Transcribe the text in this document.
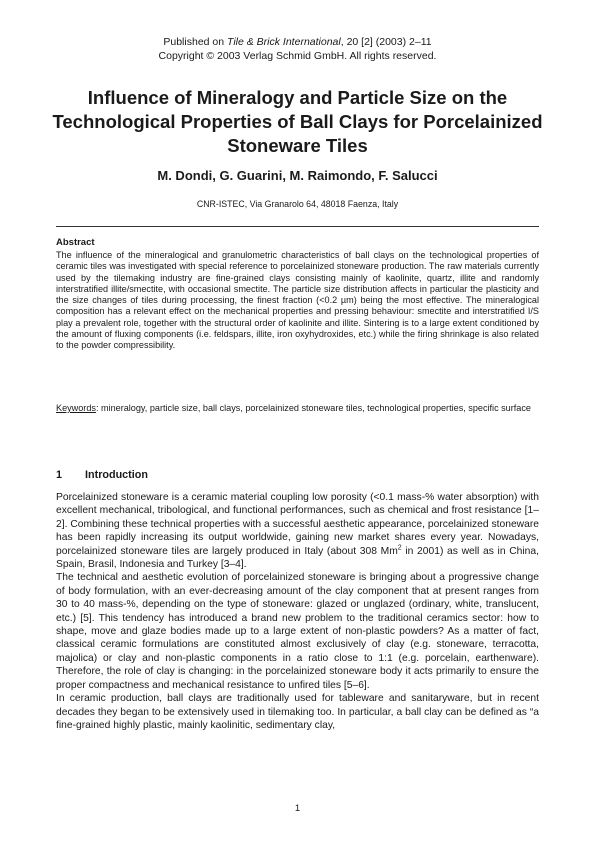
Published on Tile & Brick International, 20 [2] (2003) 2–11
Copyright © 2003 Verlag Schmid GmbH. All rights reserved.
Influence of Mineralogy and Particle Size on the Technological Properties of Ball Clays for Porcelainized Stoneware Tiles
M. Dondi, G. Guarini, M. Raimondo, F. Salucci
CNR-ISTEC, Via Granarolo 64, 48018 Faenza, Italy
Abstract
The influence of the mineralogical and granulometric characteristics of ball clays on the technological properties of ceramic tiles was investigated with special reference to porcelainized stoneware production. The raw materials currently used by the tilemaking industry are fine-grained clays consisting mainly of kaolinite, quartz, illite and randomly interstratified illite/smectite, with occasional smectite. The particle size distribution affects in particular the plasticity and the size changes of tiles during processing, the finest fraction (<0.2 µm) being the most effective. The mineralogical composition has a relevant effect on the mechanical properties and pressing behaviour: smectite and interstratified I/S play a prevalent role, together with the structural order of kaolinite and illite. Sintering is to a large extent conditioned by the amount of fluxing components (i.e. feldspars, illite, iron oxyhydroxides, etc.) while the firing shrinkage is also related to the powder compressibility.
Keywords: mineralogy, particle size, ball clays, porcelainized stoneware tiles, technological properties, specific surface
1 Introduction

Porcelainized stoneware is a ceramic material coupling low porosity (<0.1 mass-% water absorption) with excellent mechanical, tribological, and functional performances, such as chemical and frost resistance [1–2]. Combining these technical properties with a successful aesthetic appearance, porcelainized stoneware has been rapidly increasing its output worldwide, gaining new market shares every year. Nowadays, porcelainized stoneware tiles are largely produced in Italy (about 308 Mm$^2$ in 2001) as well as in China, Spain, Brasil, Indonesia and Turkey [3–4].

The technical and aesthetic evolution of porcelainized stoneware is bringing about a progressive change of body formulation, with an ever-decreasing amount of the clay component that at present ranges from 30 to 40 mass-%, depending on the type of stoneware: glazed or unglazed (ordinary, white, translucent, etc.) [5]. This tendency has introduced a brand new problem to the traditional ceramics sector: how to shape, move and glaze bodies made up to a large extent of non-plastic powders? As a matter of fact, classical ceramic formulations are constituted almost exclusively of clay (e.g. stoneware, terracotta, majolica) or clay and non-plastic components in a ratio close to 1:1 (e.g. porcelain, earthenware). Therefore, the role of clay is changing: in the porcelainized stoneware body it acts primarily to ensure the proper compactness and mechanical resistance to unfired tiles [5–6].

In ceramic production, ball clays are traditionally used for tableware and sanitaryware, but in recent decades they began to be extensively used in tilemaking too. In particular, a ball clay can be defined as “a fine-grained highly plastic, mainly kaolinitic, sedimentary clay,

1
